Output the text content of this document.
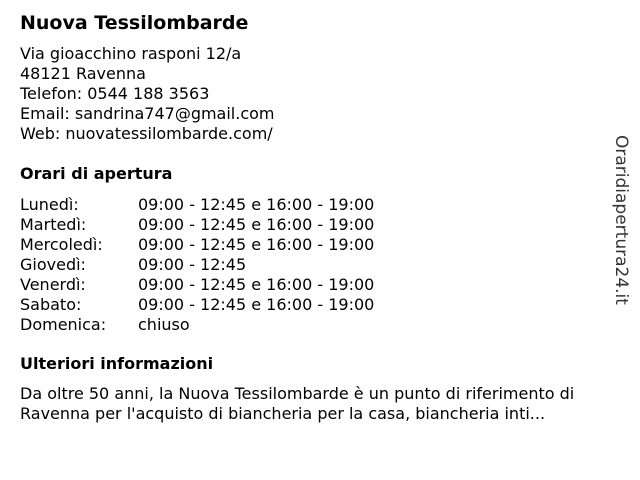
Nuova Tessilombarde
Via gioacchino rasponi 12/a
48121 Ravenna
Telefon: 0544 188 3563
Email: sandrina747@gmail.com
Web: nuovatessilombarde.com/
Orari di apertura
Lunedì:	09:00 - 12:45 e 16:00 - 19:00
Martedì:	09:00 - 12:45 e 16:00 - 19:00
Mercoledì: 09:00 - 12:45 e 16:00 - 19:00
Giovedì:	09:00 - 12:45
Venerdì:	09:00 - 12:45 e 16:00 - 19:00
Sabato:	09:00 - 12:45 e 16:00 - 19:00
Domenica: chiuso
Ulteriori informazioni
Da oltre 50 anni, la Nuova Tessilombarde è un punto di riferimento di
Ravenna per l'acquisto di biancheria per la casa, biancheria inti...
Oraridiapertura24.it
